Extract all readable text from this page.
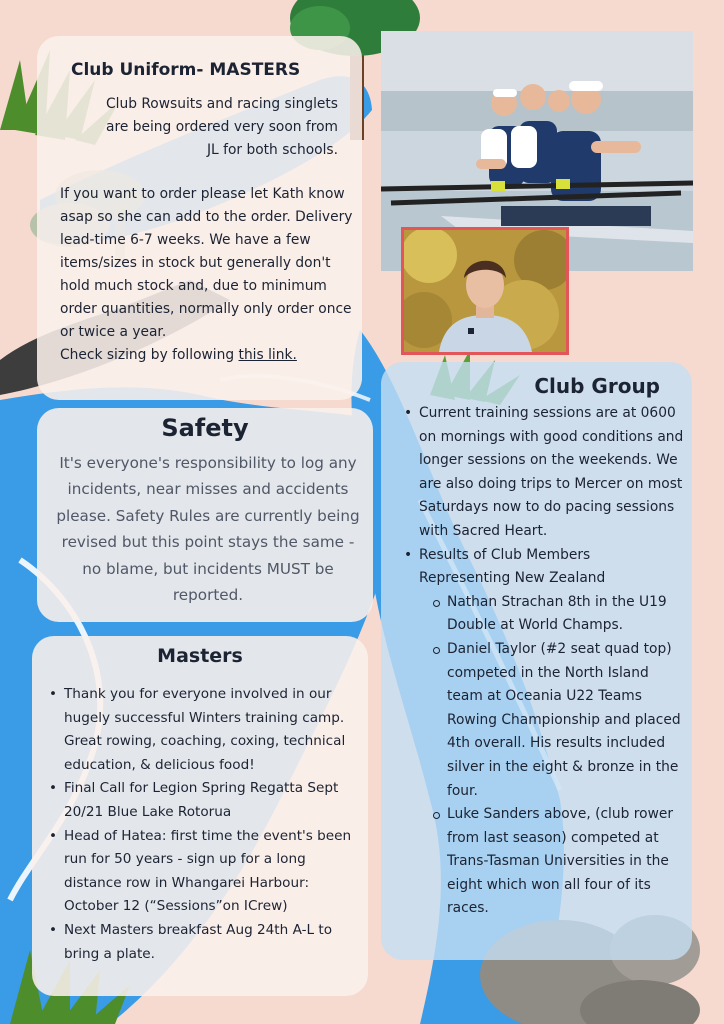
Club Uniform- MASTERS

Club Rowsuits and racing singlets are being ordered very soon from JL for both schools.

If you want to order please let Kath know asap so she can add to the order. Delivery lead-time 6-7 weeks. We have a few items/sizes in stock but generally don't hold much stock and, due to minimum order quantities, normally only order once or twice a year.
Check sizing by following this link.
Safety

It's everyone's responsibility to log any incidents, near misses and accidents please. Safety Rules are currently being revised but this point stays the same - no blame, but incidents MUST be reported.

Masters
• Thank you for everyone involved in our hugely successful Winters training camp. Great rowing, coaching, coxing, technical education, & delicious food!
• Final Call for Legion Spring Regatta Sept 20/21 Blue Lake Rotorua
• Head of Hatea: first time the event's been run for 50 years - sign up for a long distance row in Whangarei Harbour: October 12 (“Sessions”on ICrew)
• Next Masters breakfast Aug 24th A-L to bring a plate.
Club Group
• Current training sessions are at 0600 on mornings with good conditions and longer sessions on the weekends. We are also doing trips to Mercer on most Saturdays now to do pacing sessions with Sacred Heart.
• Results of Club Members Representing New Zealand
Nathan Strachan 8th in the U19 Double at World Champs.
Daniel Taylor (#2 seat quad top) competed in the North Island team at Oceania U22 Teams Rowing Championship and placed 4th overall. His results included silver in the eight & bronze in the four.
Luke Sanders above, (club rower from last season) competed at Trans-Tasman Universities in the eight which won all four of its races.
